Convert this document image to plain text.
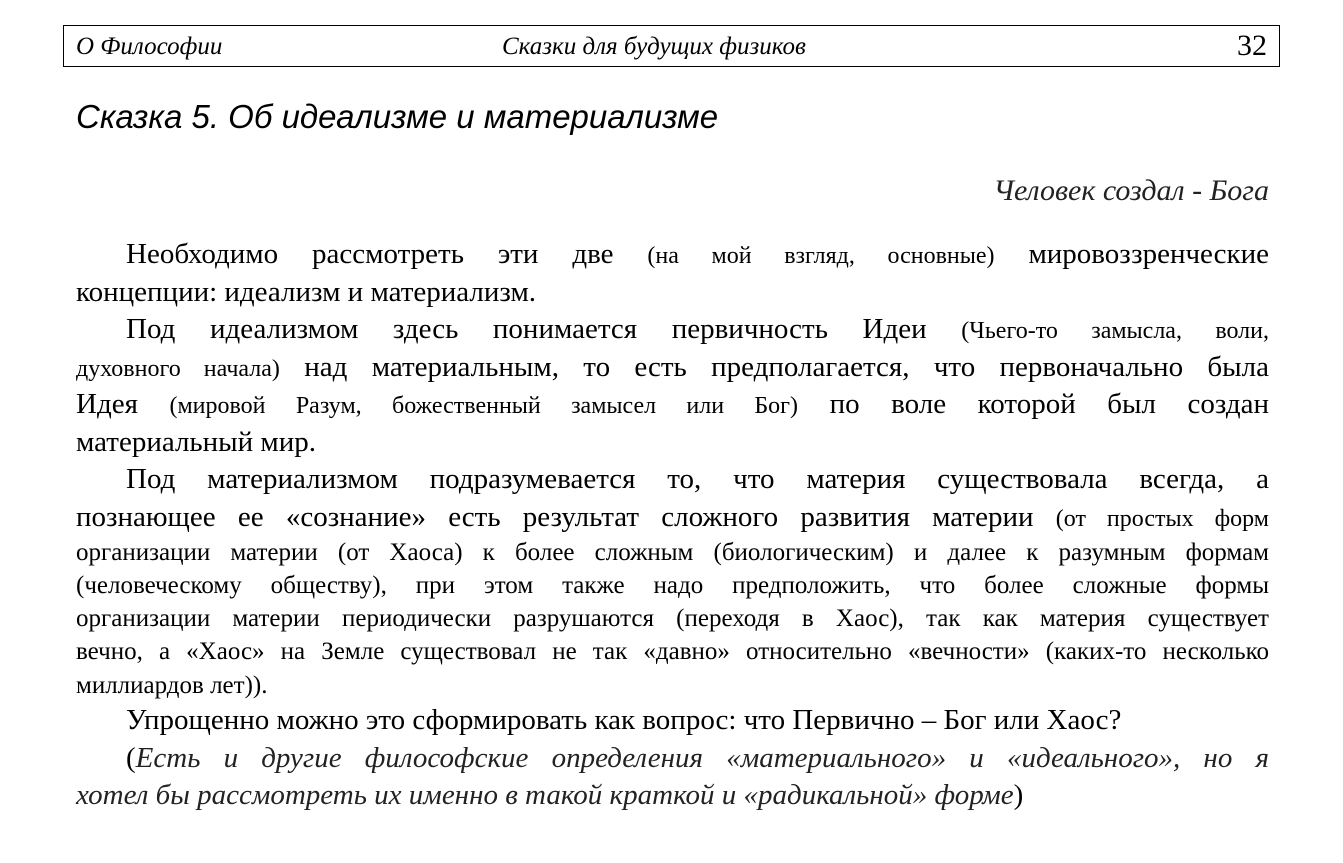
О Философии	Сказки для будущих физиков	32
Сказка 5. Об идеализме и материализме
Человек создал - Бога
Необходимо рассмотреть эти две (на мой взгляд, основные) мировоззренческие
концепции: идеализм и материализм.
Под идеализмом здесь понимается первичность Идеи (Чьего-то замысла, воли,
духовного начала) над материальным, то есть предполагается, что первоначально была
Идея (мировой Разум, божественный замысел или Бог) по воле которой был создан
материальный мир.
Под материализмом подразумевается то, что материя существовала всегда, а
познающее ее «сознание» есть результат сложного развития материи (от простых форм
организации материи (от Хаоса) к более сложным (биологическим) и далее к разумным формам
(человеческому обществу), при этом также надо предположить, что более сложные формы
организации материи периодически разрушаются (переходя в Хаос), так как материя существует
вечно, а «Хаос» на Земле существовал не так «давно» относительно «вечности» (каких-то несколько
миллиардов лет)).
Упрощенно можно это сформировать как вопрос: что Первично – Бог или Хаос?
(Есть и другие философские определения «материального» и «идеального», но я
хотел бы рассмотреть их именно в такой краткой и «радикальной» форме)
